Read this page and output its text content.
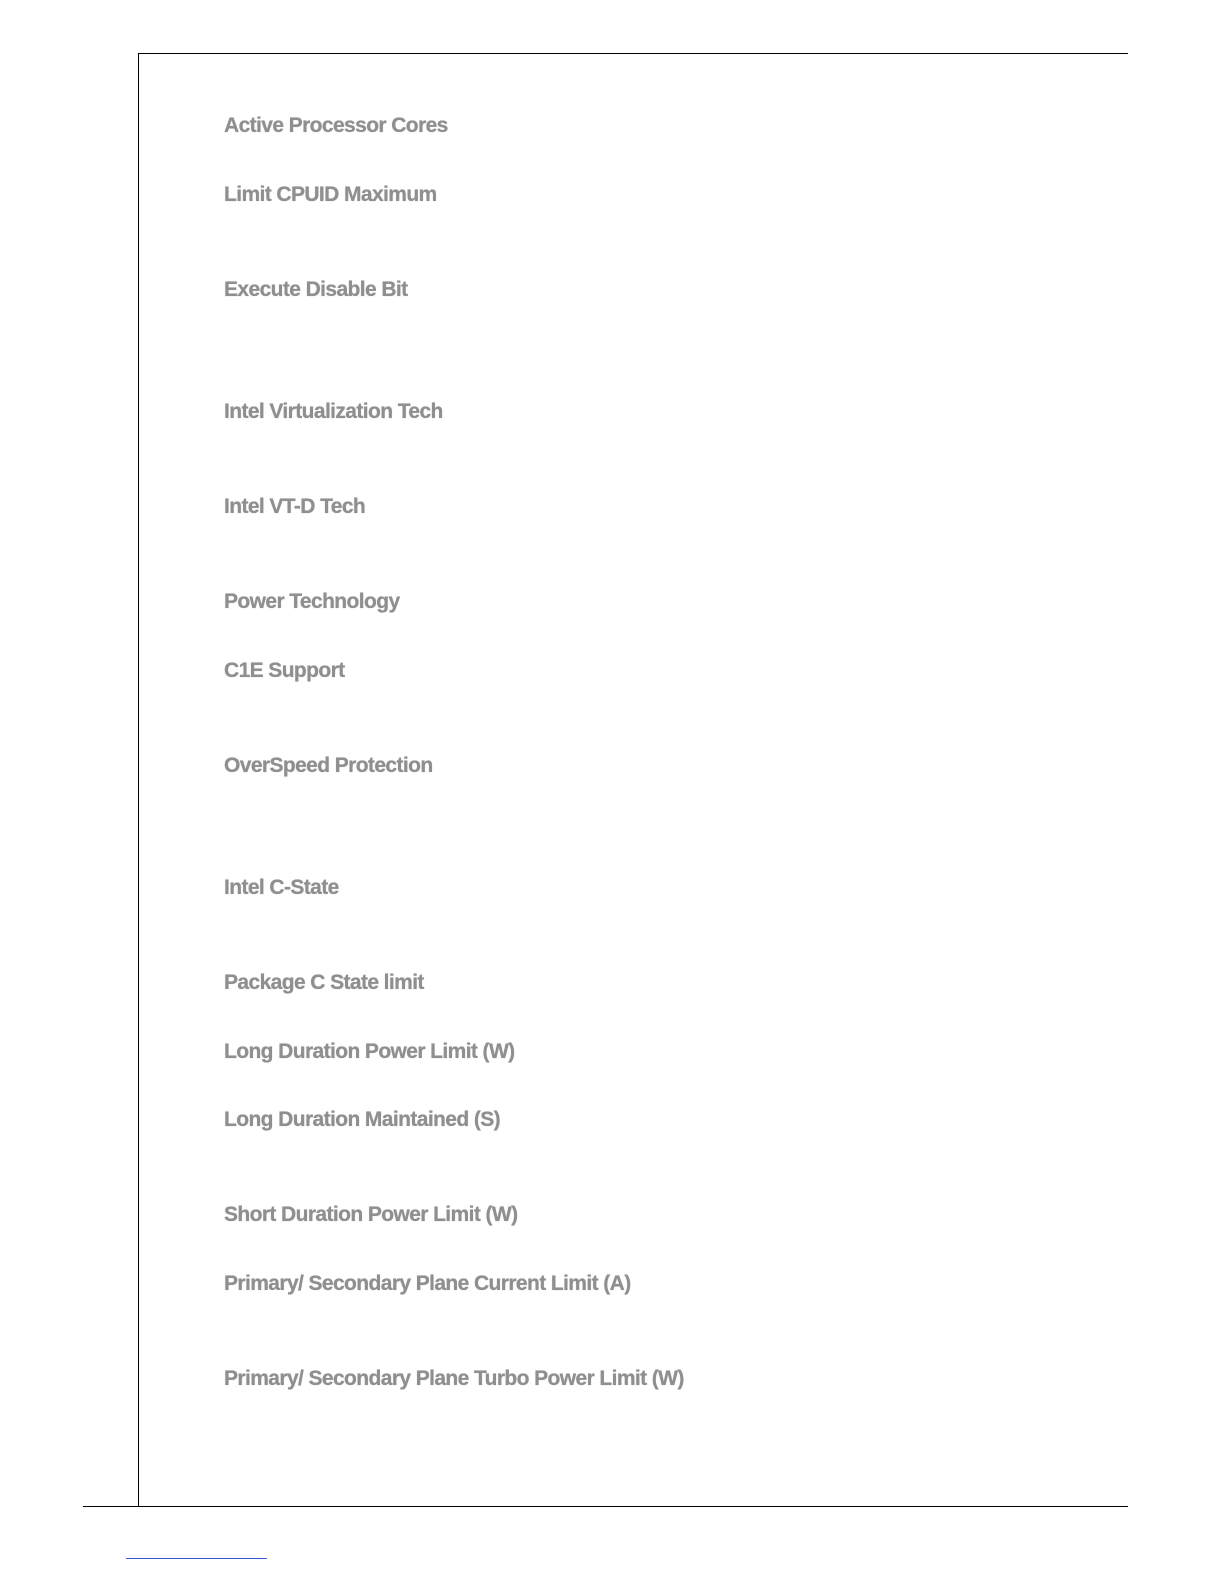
Active Processor Cores

Limit CPUID Maximum

Execute Disable Bit

Intel Virtualization Tech

Intel VT-D Tech

Power Technology

C1E Support

OverSpeed Protection

Intel C-State

Package C State limit

Long Duration Power Limit (W)

Long Duration Maintained (S)

Short Duration Power Limit (W)

Primary/ Secondary Plane Current Limit (A)

Primary/ Secondary Plane Turbo Power Limit (W)
